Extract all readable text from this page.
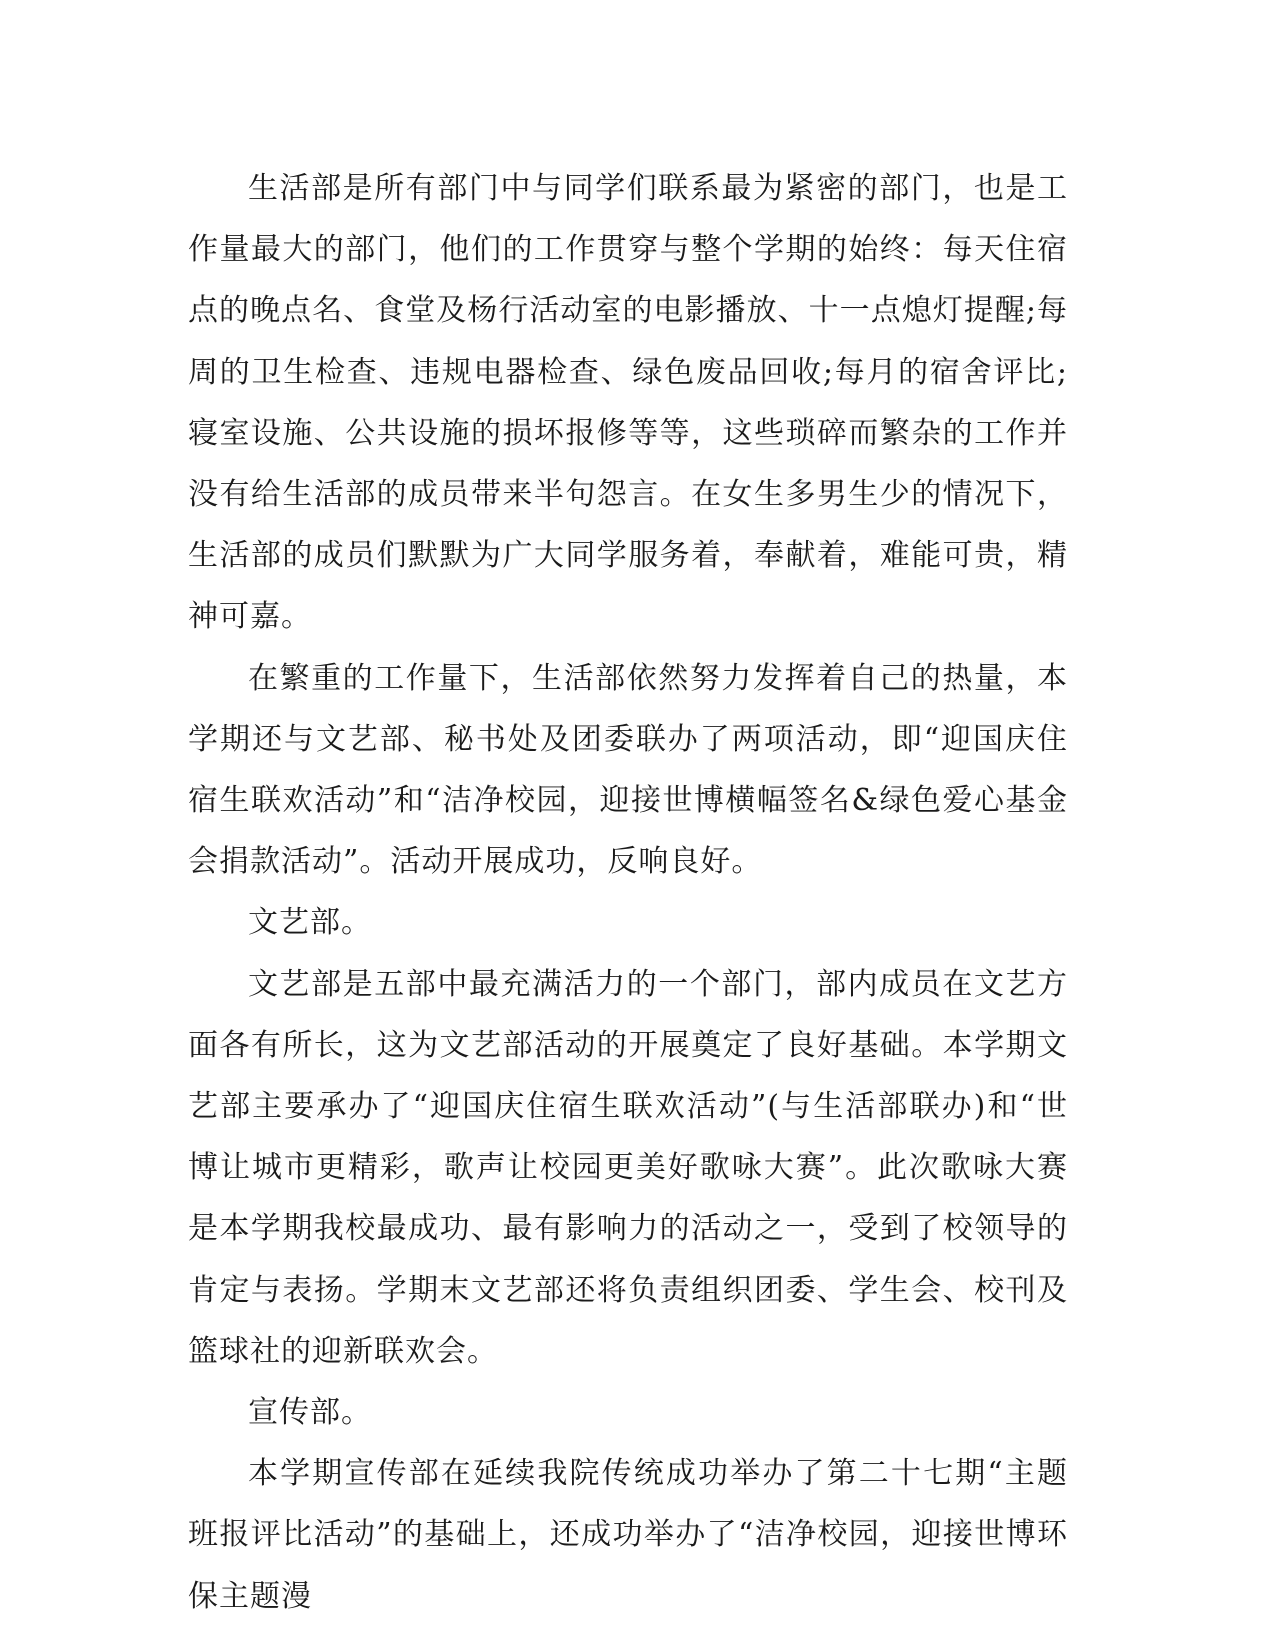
生活部是所有部门中与同学们联系最为紧密的部门，也是工作量最大的部门，他们的工作贯穿与整个学期的始终：每天住宿点的晚点名、食堂及杨行活动室的电影播放、十一点熄灯提醒;每周的卫生检查、违规电器检查、绿色废品回收;每月的宿舍评比;寝室设施、公共设施的损坏报修等等，这些琐碎而繁杂的工作并没有给生活部的成员带来半句怨言。在女生多男生少的情况下，生活部的成员们默默为广大同学服务着，奉献着，难能可贵，精神可嘉。

在繁重的工作量下，生活部依然努力发挥着自己的热量，本学期还与文艺部、秘书处及团委联办了两项活动，即“迎国庆住宿生联欢活动”和“洁净校园，迎接世博横幅签名&绿色爱心基金会捐款活动”。活动开展成功，反响良好。

文艺部。

文艺部是五部中最充满活力的一个部门，部内成员在文艺方面各有所长，这为文艺部活动的开展奠定了良好基础。本学期文艺部主要承办了“迎国庆住宿生联欢活动”(与生活部联办)和“世博让城市更精彩，歌声让校园更美好歌咏大赛”。此次歌咏大赛是本学期我校最成功、最有影响力的活动之一，受到了校领导的肯定与表扬。学期末文艺部还将负责组织团委、学生会、校刊及篮球社的迎新联欢会。

宣传部。

本学期宣传部在延续我院传统成功举办了第二十七期“主题班报评比活动”的基础上，还成功举办了“洁净校园，迎接世博环保主题漫
